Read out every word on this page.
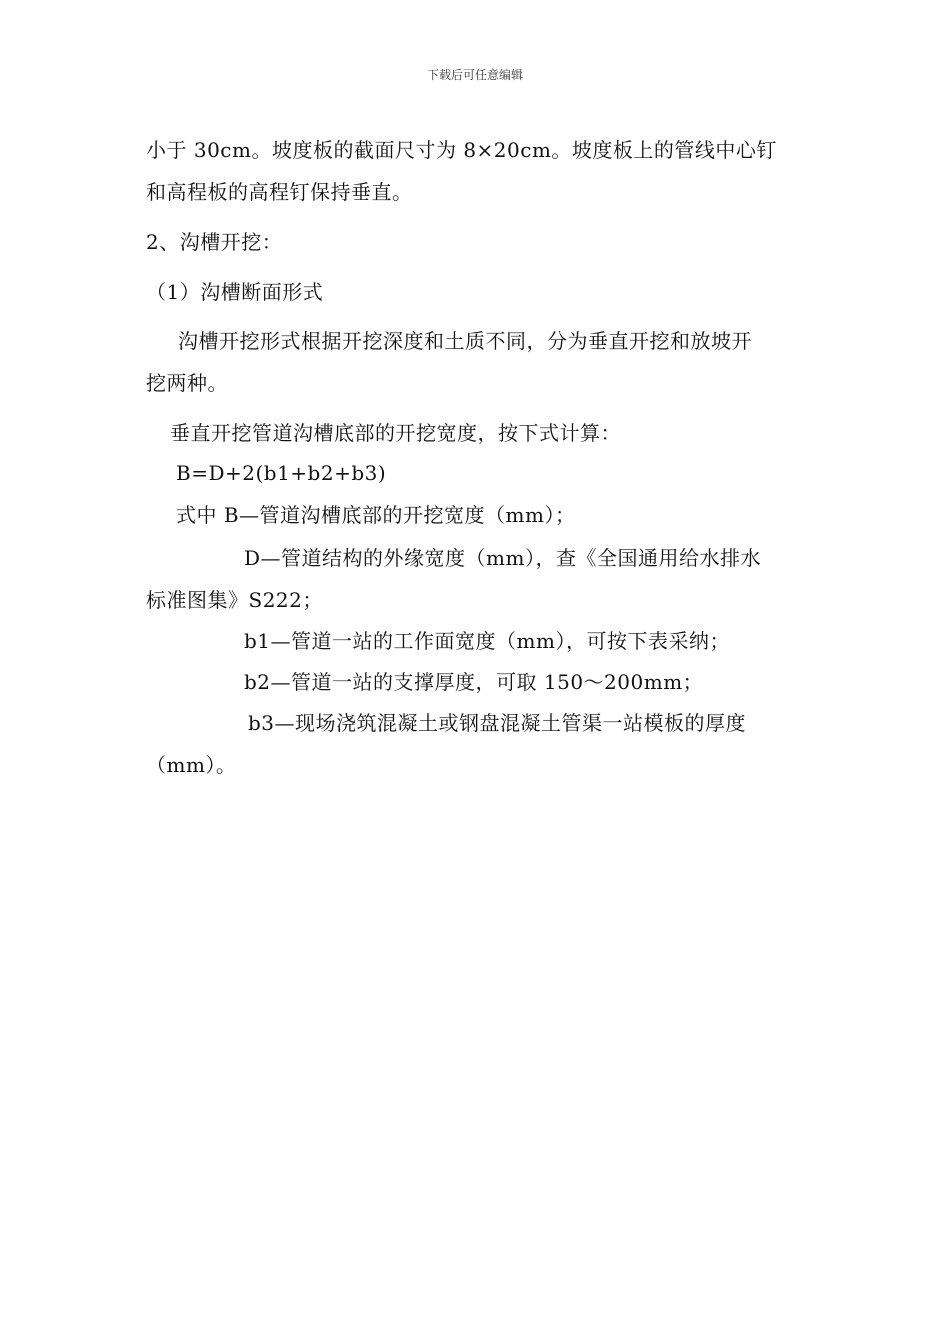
下载后可任意编辑
小于 30cm。坡度板的截面尺寸为 8×20cm。坡度板上的管线中心钉
和高程板的高程钉保持垂直。
2、沟槽开挖：
（1）沟槽断面形式
沟槽开挖形式根据开挖深度和土质不同，分为垂直开挖和放坡开
挖两种。
垂直开挖管道沟槽底部的开挖宽度，按下式计算：
B=D+2(b1+b2+b3)
式中 B—管道沟槽底部的开挖宽度（mm）；
D—管道结构的外缘宽度（mm），查《全国通用给水排水
标准图集》S222；
b1—管道一站的工作面宽度（mm），可按下表采纳；
b2—管道一站的支撑厚度，可取 150～200mm；
b3—现场浇筑混凝土或钢盘混凝土管渠一站模板的厚度
（mm）。
